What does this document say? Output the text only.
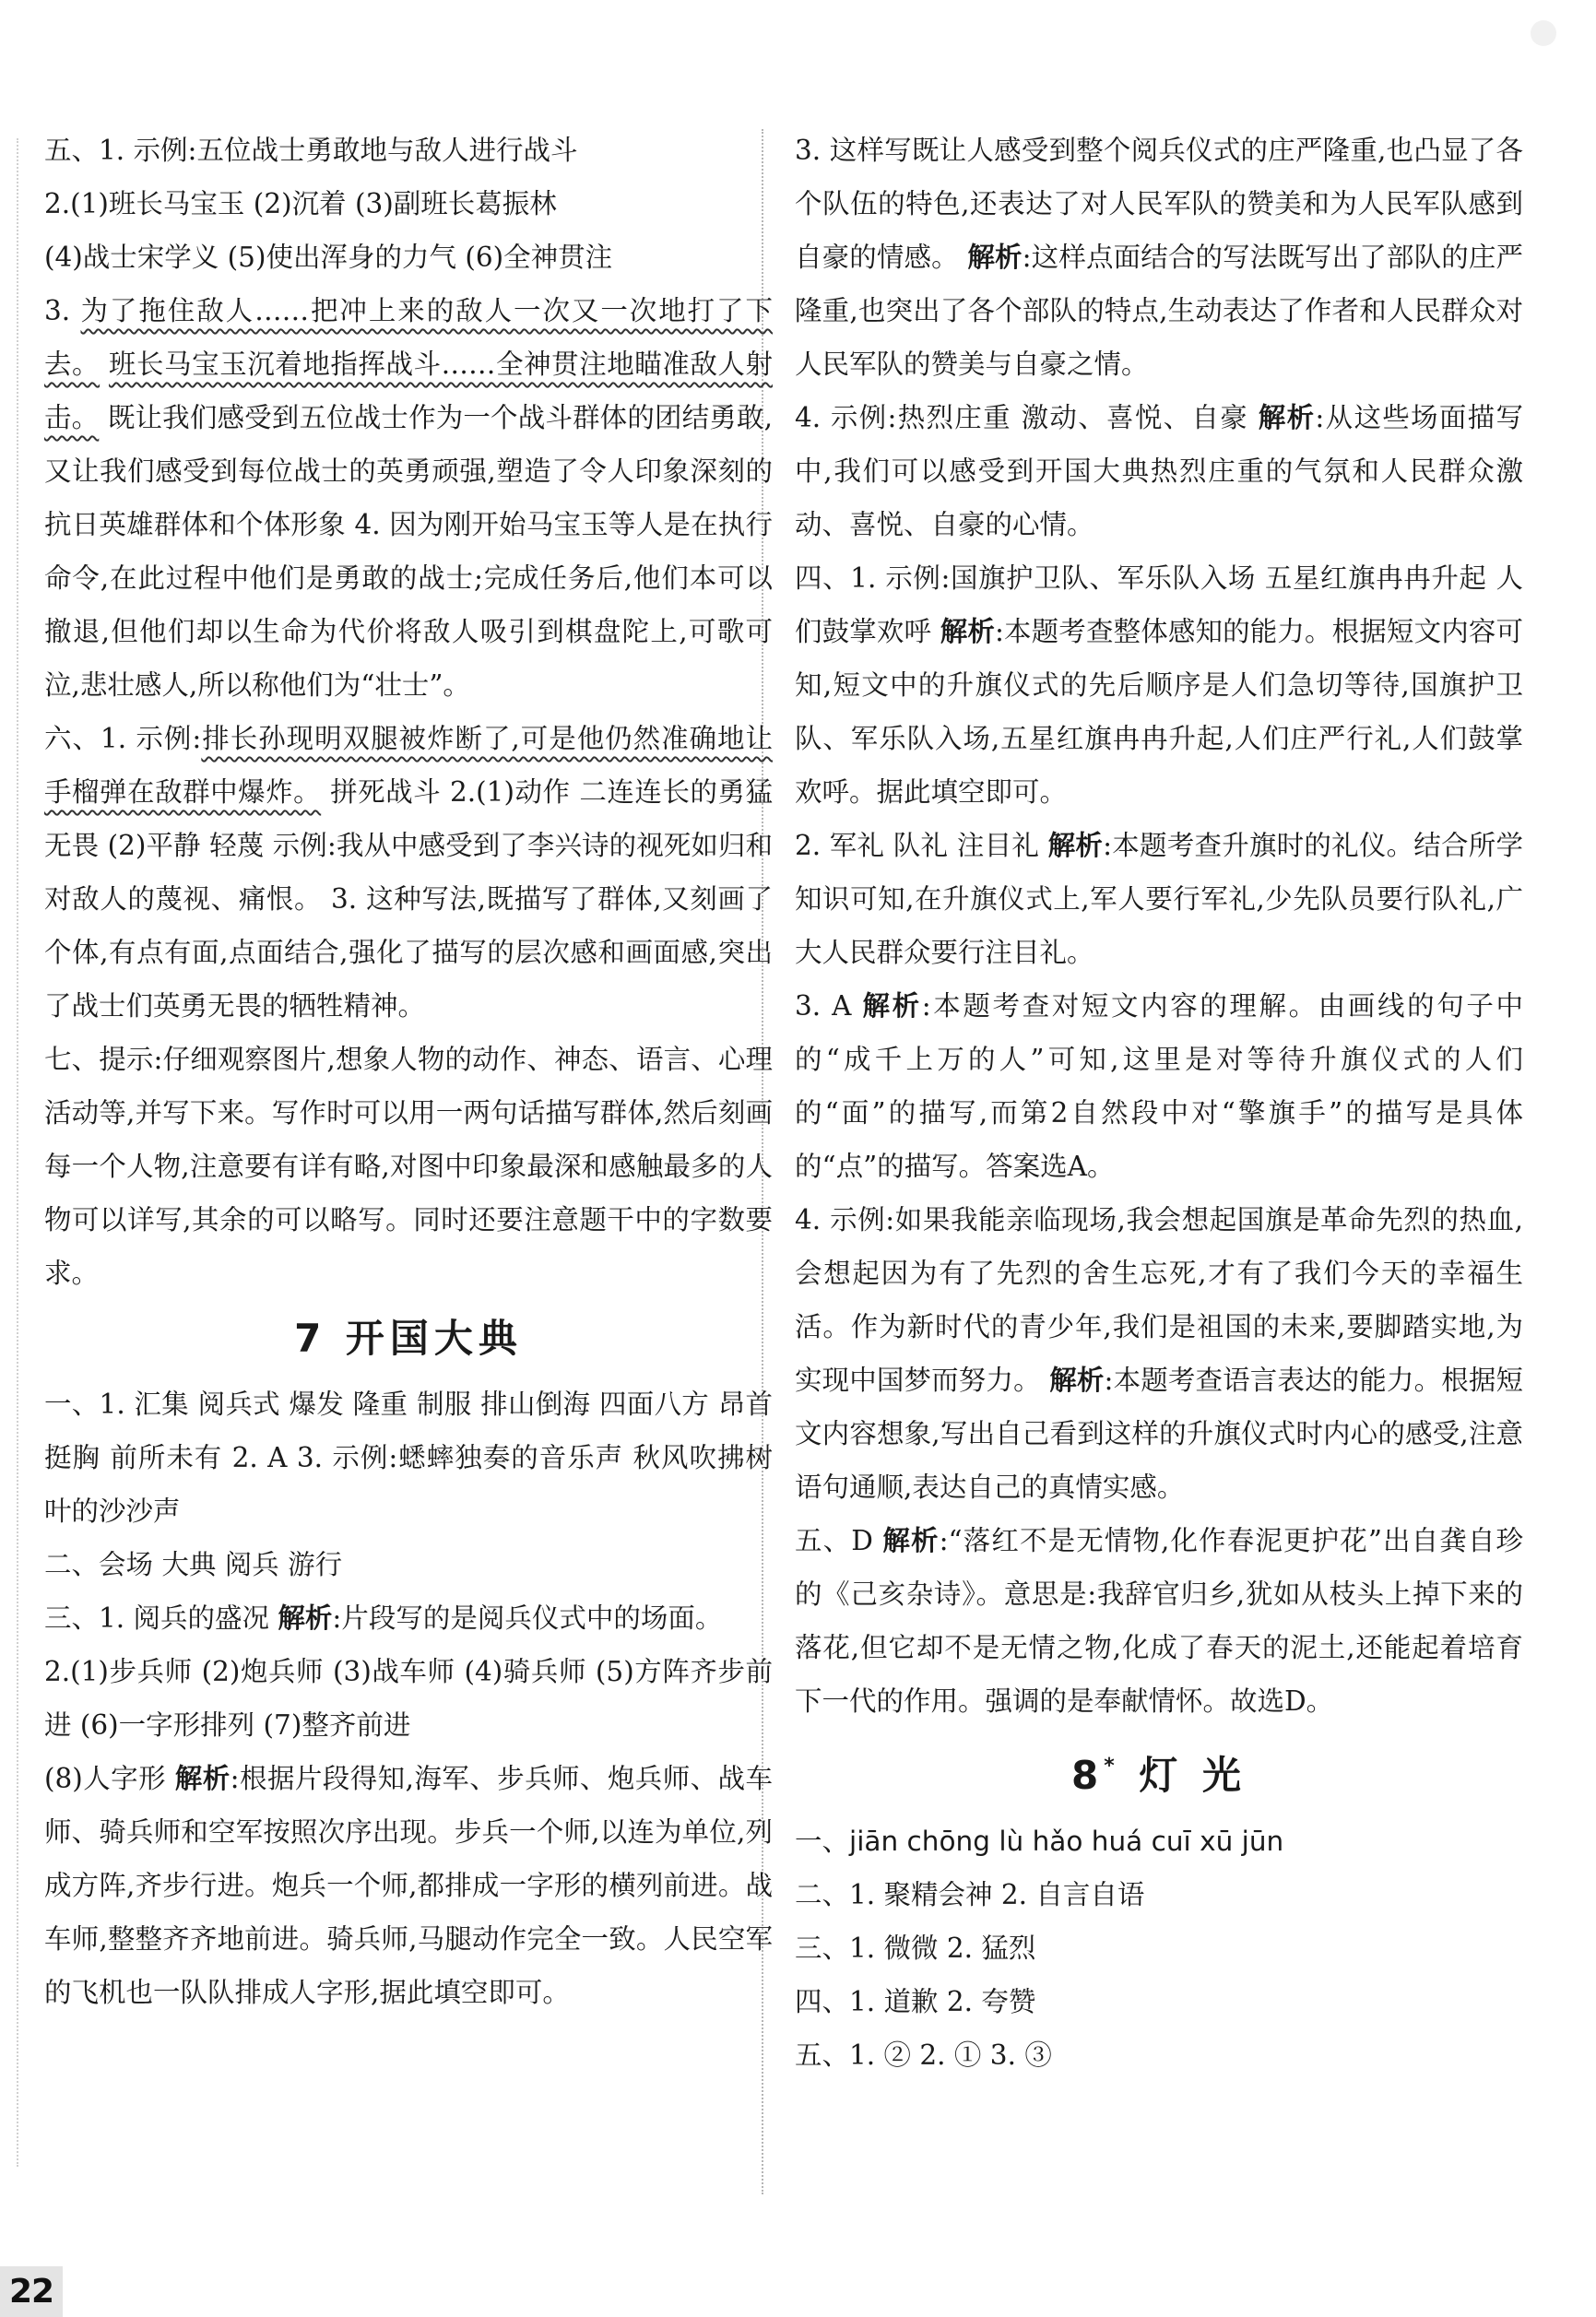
五、1. 示例:五位战士勇敢地与敌人进行战斗

2.(1)班长马宝玉 (2)沉着 (3)副班长葛振林

(4)战士宋学义 (5)使出浑身的力气 (6)全神贯注

3. 为了拖住敌人……把冲上来的敌人一次又一次地打了下去。 班长马宝玉沉着地指挥战斗……全神贯注地瞄准敌人射击。 既让我们感受到五位战士作为一个战斗群体的团结勇敢,又让我们感受到每位战士的英勇顽强,塑造了令人印象深刻的抗日英雄群体和个体形象 4. 因为刚开始马宝玉等人是在执行命令,在此过程中他们是勇敢的战士;完成任务后,他们本可以撤退,但他们却以生命为代价将敌人吸引到棋盘陀上,可歌可泣,悲壮感人,所以称他们为“壮士”。

六、1. 示例:排长孙现明双腿被炸断了,可是他仍然准确地让手榴弹在敌群中爆炸。 拼死战斗 2.(1)动作 二连连长的勇猛无畏 (2)平静 轻蔑 示例:我从中感受到了李兴诗的视死如归和对敌人的蔑视、痛恨。 3. 这种写法,既描写了群体,又刻画了个体,有点有面,点面结合,强化了描写的层次感和画面感,突出了战士们英勇无畏的牺牲精神。

七、提示:仔细观察图片,想象人物的动作、神态、语言、心理活动等,并写下来。写作时可以用一两句话描写群体,然后刻画每一个人物,注意要有详有略,对图中印象最深和感触最多的人物可以详写,其余的可以略写。同时还要注意题干中的字数要求。

7 开国大典

一、1. 汇集 阅兵式 爆发 隆重 制服 排山倒海 四面八方 昂首挺胸 前所未有 2. A 3. 示例:蟋蟀独奏的音乐声 秋风吹拂树叶的沙沙声

二、会场 大典 阅兵 游行

三、1. 阅兵的盛况 解析:片段写的是阅兵仪式中的场面。

2.(1)步兵师 (2)炮兵师 (3)战车师 (4)骑兵师 (5)方阵齐步前进 (6)一字形排列 (7)整齐前进

(8)人字形 解析:根据片段得知,海军、步兵师、炮兵师、战车师、骑兵师和空军按照次序出现。步兵一个师,以连为单位,列成方阵,齐步行进。炮兵一个师,都排成一字形的横列前进。战车师,整整齐齐地前进。骑兵师,马腿动作完全一致。人民空军的飞机也一队队排成人字形,据此填空即可。

3. 这样写既让人感受到整个阅兵仪式的庄严隆重,也凸显了各个队伍的特色,还表达了对人民军队的赞美和为人民军队感到自豪的情感。 解析:这样点面结合的写法既写出了部队的庄严隆重,也突出了各个部队的特点,生动表达了作者和人民群众对人民军队的赞美与自豪之情。

4. 示例:热烈庄重 激动、喜悦、自豪 解析:从这些场面描写中,我们可以感受到开国大典热烈庄重的气氛和人民群众激动、喜悦、自豪的心情。

四、1. 示例:国旗护卫队、军乐队入场 五星红旗冉冉升起 人们鼓掌欢呼 解析:本题考查整体感知的能力。根据短文内容可知,短文中的升旗仪式的先后顺序是人们急切等待,国旗护卫队、军乐队入场,五星红旗冉冉升起,人们庄严行礼,人们鼓掌欢呼。据此填空即可。

2. 军礼 队礼 注目礼 解析:本题考查升旗时的礼仪。结合所学知识可知,在升旗仪式上,军人要行军礼,少先队员要行队礼,广大人民群众要行注目礼。

3. A 解析:本题考查对短文内容的理解。由画线的句子中的“成千上万的人”可知,这里是对等待升旗仪式的人们的“面”的描写,而第2自然段中对“擎旗手”的描写是具体的“点”的描写。答案选A。

4. 示例:如果我能亲临现场,我会想起国旗是革命先烈的热血,会想起因为有了先烈的舍生忘死,才有了我们今天的幸福生活。作为新时代的青少年,我们是祖国的未来,要脚踏实地,为实现中国梦而努力。 解析:本题考查语言表达的能力。根据短文内容想象,写出自己看到这样的升旗仪式时内心的感受,注意语句通顺,表达自己的真情实感。

五、D 解析:“落红不是无情物,化作春泥更护花”出自龚自珍的《己亥杂诗》。意思是:我辞官归乡,犹如从枝头上掉下来的落花,但它却不是无情之物,化成了春天的泥土,还能起着培育下一代的作用。强调的是奉献情怀。故选D。

8* 灯 光

一、jiān chōng lù hǎo huá cuī xū jūn

二、1. 聚精会神 2. 自言自语

三、1. 微微 2. 猛烈

四、1. 道歉 2. 夸赞

五、1. ② 2. ① 3. ③

22
